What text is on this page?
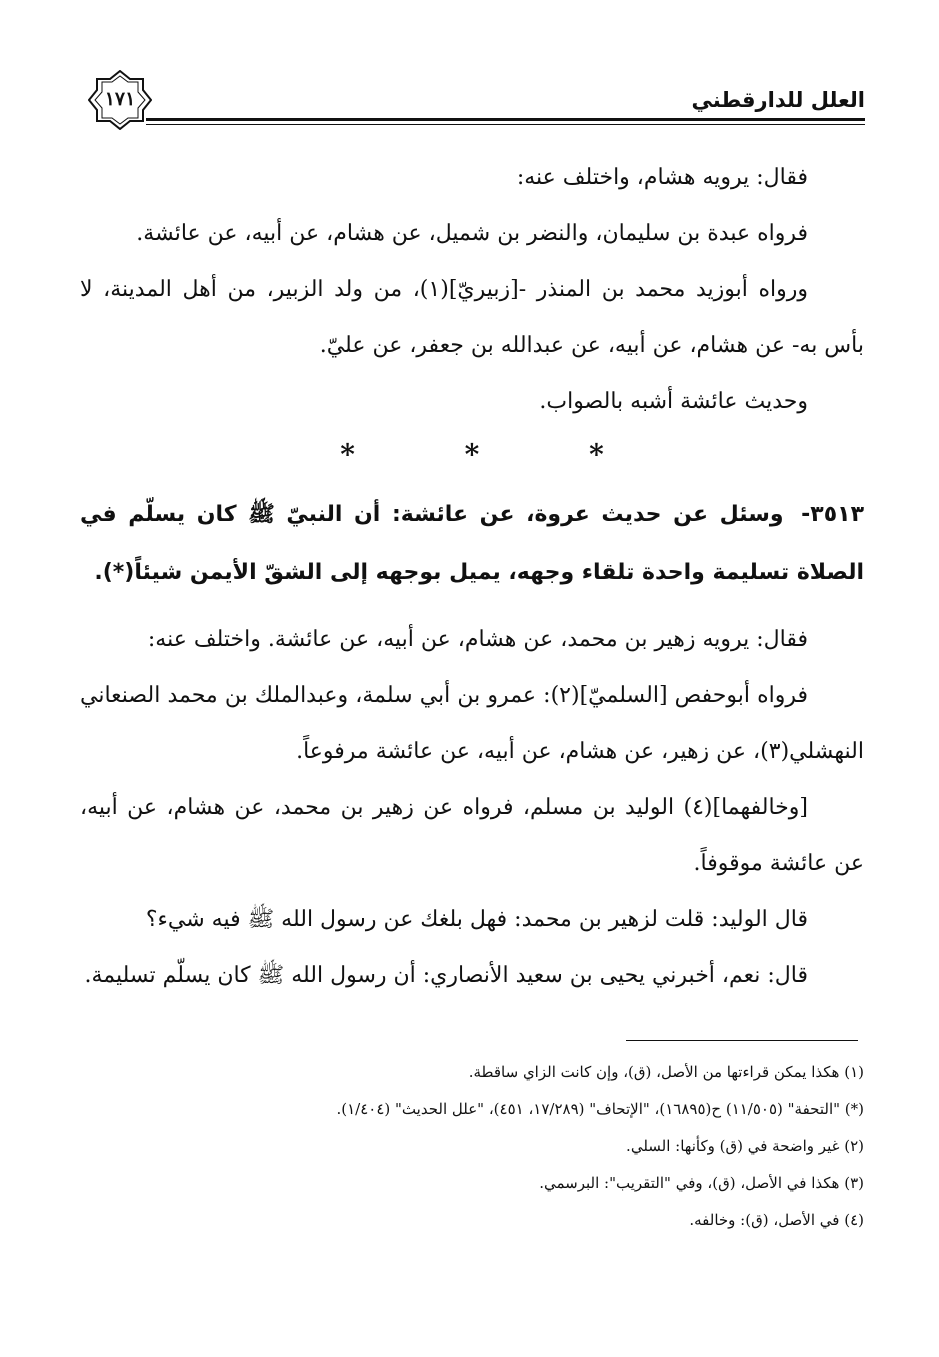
العلل للدارقطني
١٧١

فقال: يرويه هشام، واختلف عنه:

فرواه عبدة بن سليمان، والنضر بن شميل، عن هشام، عن أبيه، عن عائشة.

ورواه أبوزيد محمد بن المنذر -[زبيريّ](١)، من ولد الزبير، من أهل المدينة، لا بأس به- عن هشام، عن أبيه، عن عبدالله بن جعفر، عن عليّ.

وحديث عائشة أشبه بالصواب.

* * *

٣٥١٣- وسئل عن حديث عروة، عن عائشة: أن النبيّ ﷺ كان يسلّم في الصلاة تسليمة واحدة تلقاء وجهه، يميل بوجهه إلى الشقّ الأيمن شيئاً(*).

فقال: يرويه زهير بن محمد، عن هشام، عن أبيه، عن عائشة. واختلف عنه:

فرواه أبوحفص [السلميّ](٢): عمرو بن أبي سلمة، وعبدالملك بن محمد الصنعاني النهشلي(٣)، عن زهير، عن هشام، عن أبيه، عن عائشة مرفوعاً.

[وخالفهما](٤) الوليد بن مسلم، فرواه عن زهير بن محمد، عن هشام، عن أبيه، عن عائشة موقوفاً.

قال الوليد: قلت لزهير بن محمد: فهل بلغك عن رسول الله ﷺ فيه شيء؟

قال: نعم، أخبرني يحيى بن سعيد الأنصاري: أن رسول الله ﷺ كان يسلّم تسليمة.

(١) هكذا يمكن قراءتها من الأصل، (ق)، وإن كانت الزاي ساقطة.

(*) "التحفة" (١١/٥٠٥) ح(١٦٨٩٥)، "الإتحاف" (١٧/٢٨٩، ٤٥١)، "علل الحديث" (١/٤٠٤).

(٢) غير واضحة في (ق) وكأنها: السلي.

(٣) هكذا في الأصل، (ق)، وفي "التقريب": البرسمي.

(٤) في الأصل، (ق): وخالفه.
